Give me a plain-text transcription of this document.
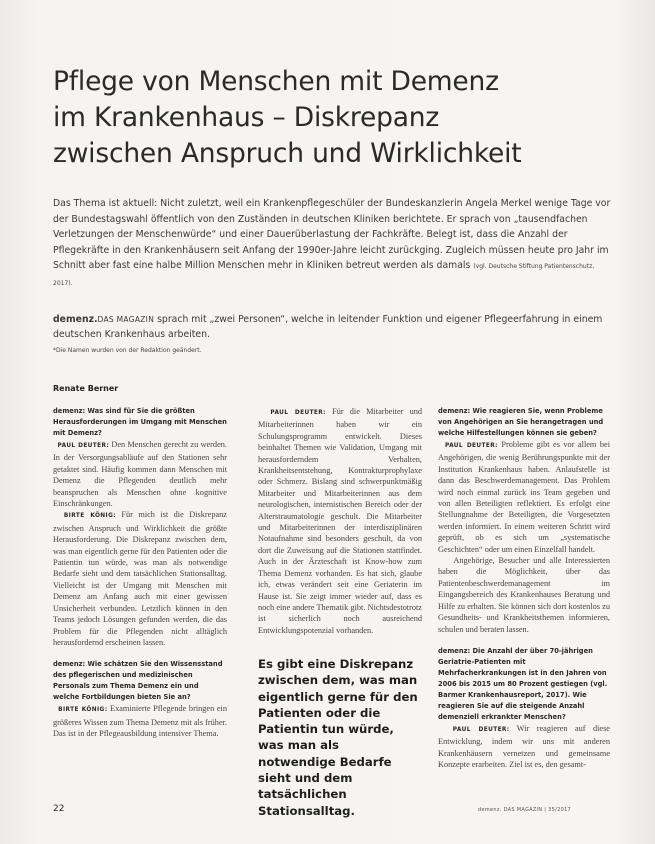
Pflege von Menschen mit Demenz
im Krankenhaus – Diskrepanz
zwischen Anspruch und Wirklichkeit

Das Thema ist aktuell: Nicht zuletzt, weil ein Krankenpflegeschüler der Bundeskanzlerin Angela Merkel wenige Tage vor der Bundestagswahl öffentlich von den Zuständen in deutschen Kliniken berichtete. Er sprach von „tausendfachen Verletzungen der Menschenwürde“ und einer Dauerüberlastung der Fachkräfte. Belegt ist, dass die Anzahl der Pflegekräfte in den Krankenhäusern seit Anfang der 1990er-Jahre leicht zurückging. Zugleich müssen heute pro Jahr im Schnitt aber fast eine halbe Million Menschen mehr in Kliniken betreut werden als damals (vgl. Deutsche Stiftung Patientenschutz, 2017).

demenz.DAS MAGAZIN sprach mit „zwei Personen“, welche in leitender Funktion und eigener Pflegeerfahrung in einem deutschen Krankenhaus arbeiten.

*Die Namen wurden von der Redaktion geändert.

Renate Berner

demenz: Was sind für Sie die größten Herausforderungen im Umgang mit Menschen mit Demenz?

PAUL DEUTER: Den Menschen gerecht zu werden. In der Versorgungsabläufe auf den Stationen sehr getaktet sind. Häufig kommen dann Menschen mit Demenz die Pflegenden deutlich mehr beanspruchen als Menschen ohne kognitive Einschränkungen.

BIRTE KÖNIG: Für mich ist die Diskrepanz zwischen Anspruch und Wirklichkeit die größte Herausforderung. Die Diskrepanz zwischen dem, was man eigentlich gerne für den Patienten oder die Patientin tun würde, was man als notwendige Bedarfe sieht und dem tatsächlichen Stationsalltag. Vielleicht ist der Umgang mit Menschen mit Demenz am Anfang auch mit einer gewissen Unsicherheit verbunden. Letztlich können in den Teams jedoch Lösungen gefunden werden, die das Problem für die Pflegenden nicht alltäglich herausfordernd erscheinen lassen.

demenz: Wie schätzen Sie den Wissensstand des pflegerischen und medizinischen Personals zum Thema Demenz ein und welche Fortbildungen bieten Sie an?

BIRTE KÖNIG: Examinierte Pflegende bringen ein größeres Wissen zum Thema Demenz mit als früher. Das ist in der Pflegeausbildung intensiver Thema.

PAUL DEUTER: Für die Mitarbeiter und Mitarbeiterinnen haben wir ein Schulungsprogramm entwickelt. Dieses beinhaltet Themen wie Validation, Umgang mit herausforderndem Verhalten, Krankheitsentstehung, Kontrakturprophylaxe oder Schmerz. Bislang sind schwerpunktmäßig Mitarbeiter und Mitarbeiterinnen aus dem neurologischen, internistischen Bereich oder der Alterstraumatologie geschult. Die Mitarbeiter und Mitarbeiterinnen der interdisziplinären Notaufnahme sind besonders geschult, da von dort die Zuweisung auf die Stationen stattfindet. Auch in der Ärzteschaft ist Know-how zum Thema Demenz vorhanden. Es hat sich, glaube ich, etwas verändert seit eine Geriaterin im Hause ist. Sie zeigt immer wieder auf, dass es noch eine andere Thematik gibt. Nichtsdestotrotz ist sicherlich noch ausreichend Entwicklungspotenzial vorhanden.

Es gibt eine Diskrepanz zwischen dem, was man eigentlich gerne für den Patienten oder die Patientin tun würde, was man als notwendige Bedarfe sieht und dem tatsächlichen Stationsalltag.

demenz: Wie reagieren Sie, wenn Probleme von Angehörigen an Sie herangetragen und welche Hilfestellungen können sie geben?

PAUL DEUTER: Probleme gibt es vor allem bei Angehörigen, die wenig Berührungspunkte mit der Institution Krankenhaus haben. Anlaufstelle ist dann das Beschwerdemanagement. Das Problem wird noch einmal zurück ins Team gegeben und von allen Beteiligten reflektiert. Es erfolgt eine Stellungnahme der Beteiligten, die Vorgesetzten werden informiert. In einem weiteren Schritt wird geprüft, ob es sich um „systematische Geschichten“ oder um einen Einzelfall handelt.

Angehörige, Besucher und alle Interessierten haben die Möglichkeit, über das Patientenbeschwerdemanagement im Eingangsbereich des Krankenhauses Beratung und Hilfe zu erhalten. Sie können sich dort kostenlos zu Gesundheits- und Krankheitsthemen informieren, schulen und beraten lassen.

demenz: Die Anzahl der über 70-jährigen Geriatrie-Patienten mit Mehrfacherkrankungen ist in den Jahren von 2006 bis 2015 um 80 Prozent gestiegen (vgl. Barmer Krankenhausreport, 2017). Wie reagieren Sie auf die steigende Anzahl demenziell erkrankter Menschen?

PAUL DEUTER: Wir reagieren auf diese Entwicklung, indem wir uns mit anderen Krankenhäusern vernetzen und gemeinsame Konzepte erarbeiten. Ziel ist es, den gesamt-

22	demenz. DAS MAGAZIN | 35/2017
